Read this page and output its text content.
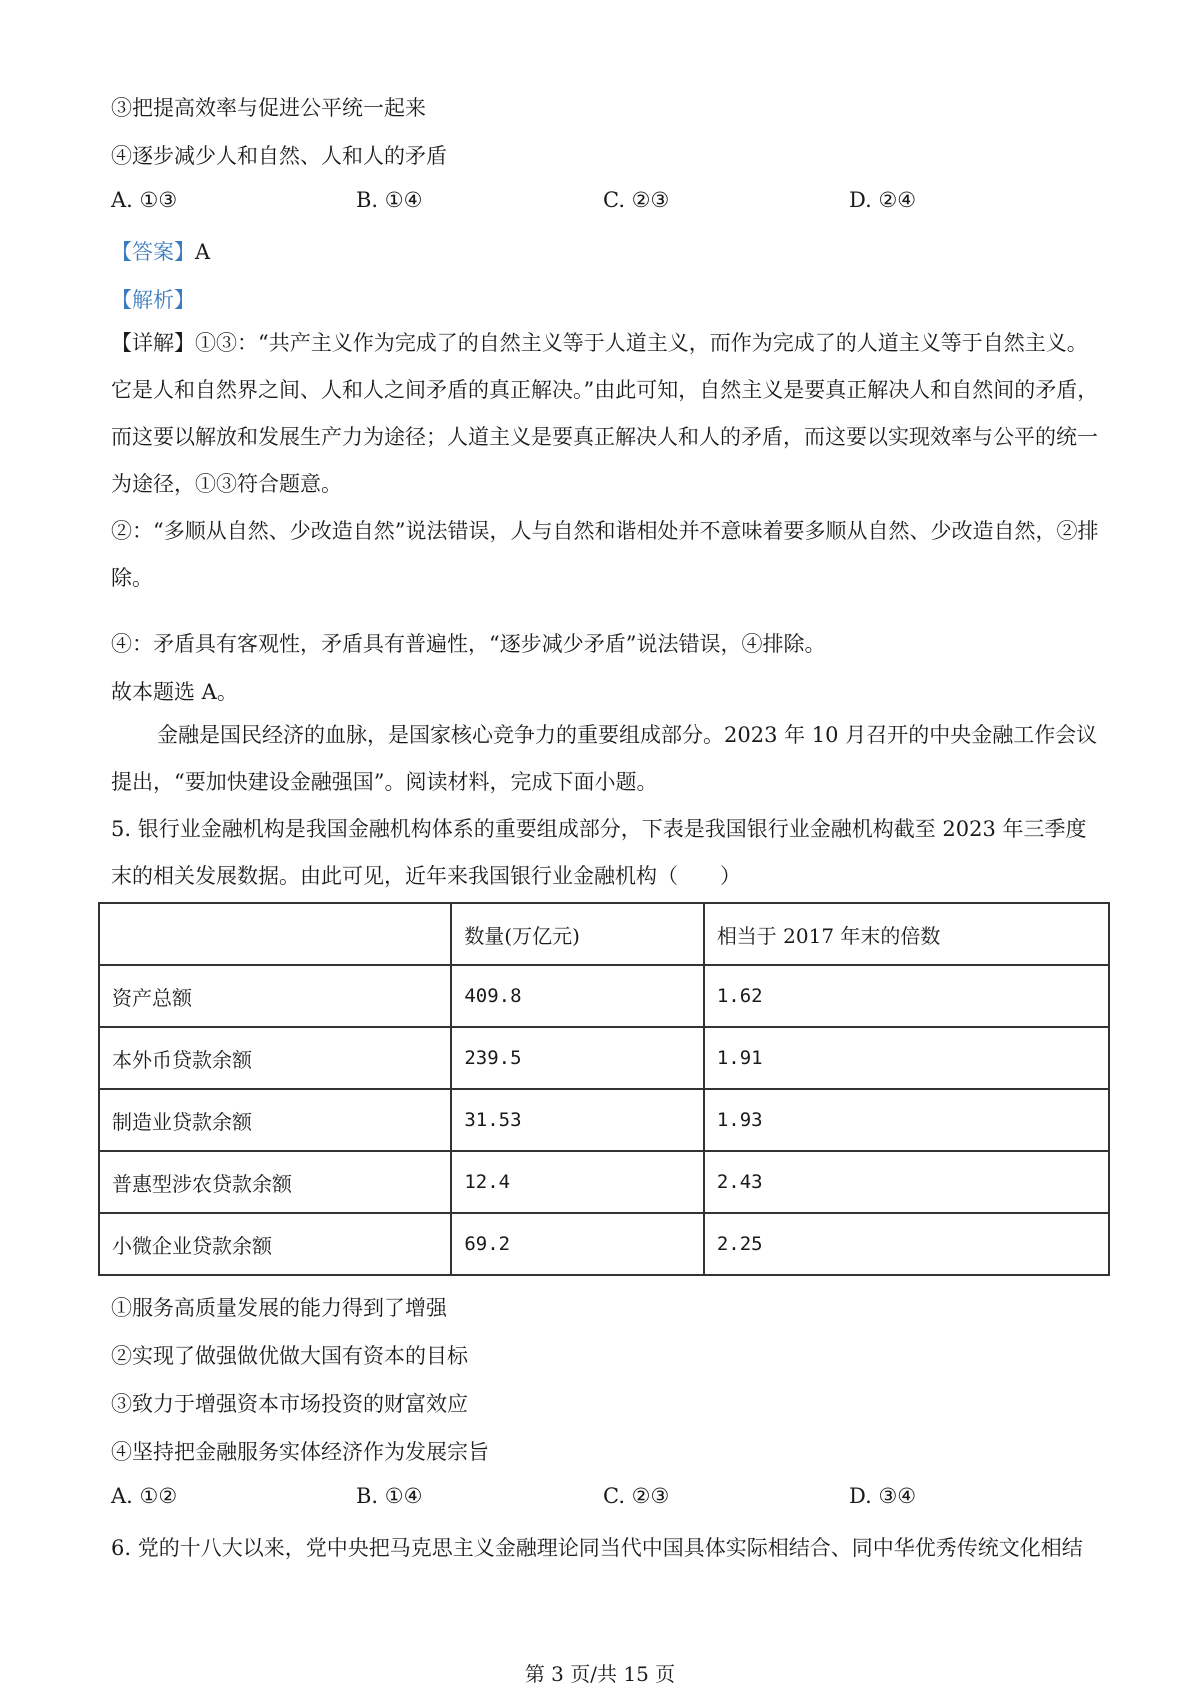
③把提高效率与促进公平统一起来
④逐步减少人和自然、人和人的矛盾
A. ①③	B. ①④	C. ②③	D. ②④
【答案】A
【解析】
【详解】①③：“共产主义作为完成了的自然主义等于人道主义，而作为完成了的人道主义等于自然主义。它是人和自然界之间、人和人之间矛盾的真正解决。”由此可知，自然主义是要真正解决人和自然间的矛盾，而这要以解放和发展生产力为途径；人道主义是要真正解决人和人的矛盾，而这要以实现效率与公平的统一为途径，①③符合题意。
②：“多顺从自然、少改造自然”说法错误，人与自然和谐相处并不意味着要多顺从自然、少改造自然，②排除。
④：矛盾具有客观性，矛盾具有普遍性，“逐步减少矛盾”说法错误，④排除。
故本题选 A。
金融是国民经济的血脉，是国家核心竞争力的重要组成部分。2023 年 10 月召开的中央金融工作会议提出，“要加快建设金融强国”。阅读材料，完成下面小题。
5. 银行业金融机构是我国金融机构体系的重要组成部分，下表是我国银行业金融机构截至 2023 年三季度末的相关发展数据。由此可见，近年来我国银行业金融机构（　　）
	数量(万亿元)	相当于 2017 年末的倍数
资产总额	409.8	1.62
本外币贷款余额	239.5	1.91
制造业贷款余额	31.53	1.93
普惠型涉农贷款余额	12.4	2.43
小微企业贷款余额	69.2	2.25
①服务高质量发展的能力得到了增强
②实现了做强做优做大国有资本的目标
③致力于增强资本市场投资的财富效应
④坚持把金融服务实体经济作为发展宗旨
A. ①②	B. ①④	C. ②③	D. ③④
6. 党的十八大以来，党中央把马克思主义金融理论同当代中国具体实际相结合、同中华优秀传统文化相结
第 3 页/共 15 页
